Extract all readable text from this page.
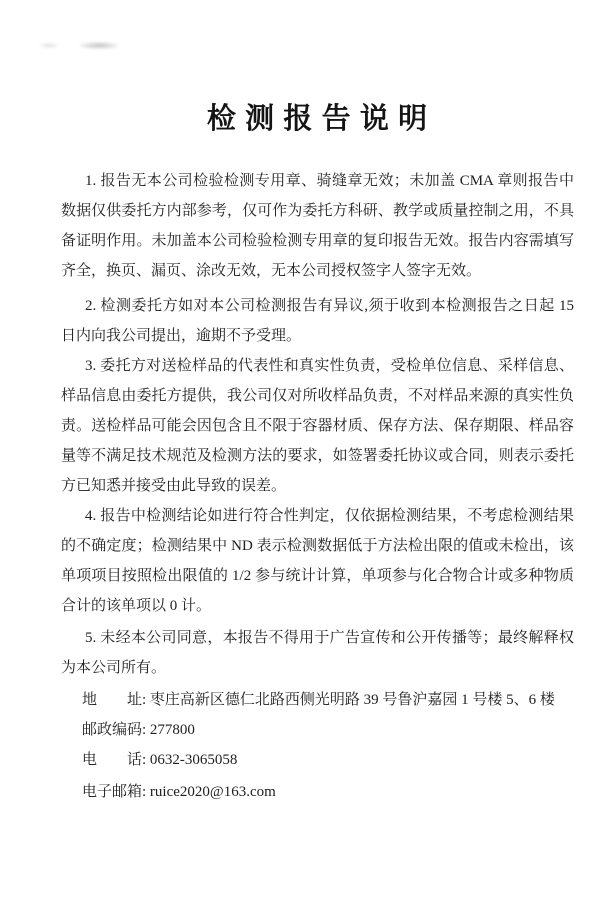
检 测 报 告 说 明
1. 报告无本公司检验检测专用章、骑缝章无效；未加盖 CMA 章则报告中
数据仅供委托方内部参考，仅可作为委托方科研、教学或质量控制之用，不具
备证明作用。未加盖本公司检验检测专用章的复印报告无效。报告内容需填写
齐全，换页、漏页、涂改无效，无本公司授权签字人签字无效。
2. 检测委托方如对本公司检测报告有异议,须于收到本检测报告之日起 15
日内向我公司提出，逾期不予受理。
3. 委托方对送检样品的代表性和真实性负责，受检单位信息、采样信息、
样品信息由委托方提供，我公司仅对所收样品负责，不对样品来源的真实性负
责。送检样品可能会因包含且不限于容器材质、保存方法、保存期限、样品容
量等不满足技术规范及检测方法的要求，如签署委托协议或合同，则表示委托
方已知悉并接受由此导致的误差。
4. 报告中检测结论如进行符合性判定，仅依据检测结果，不考虑检测结果
的不确定度；检测结果中 ND 表示检测数据低于方法检出限的值或未检出，该
单项项目按照检出限值的 1/2 参与统计计算，单项参与化合物合计或多种物质
合计的该单项以 0 计。
5. 未经本公司同意，本报告不得用于广告宣传和公开传播等；最终解释权
为本公司所有。
地　　址: 枣庄高新区德仁北路西侧光明路 39 号鲁沪嘉园 1 号楼 5、6 楼
邮政编码: 277800
电　　话: 0632-3065058
电子邮箱: ruice2020@163.com
